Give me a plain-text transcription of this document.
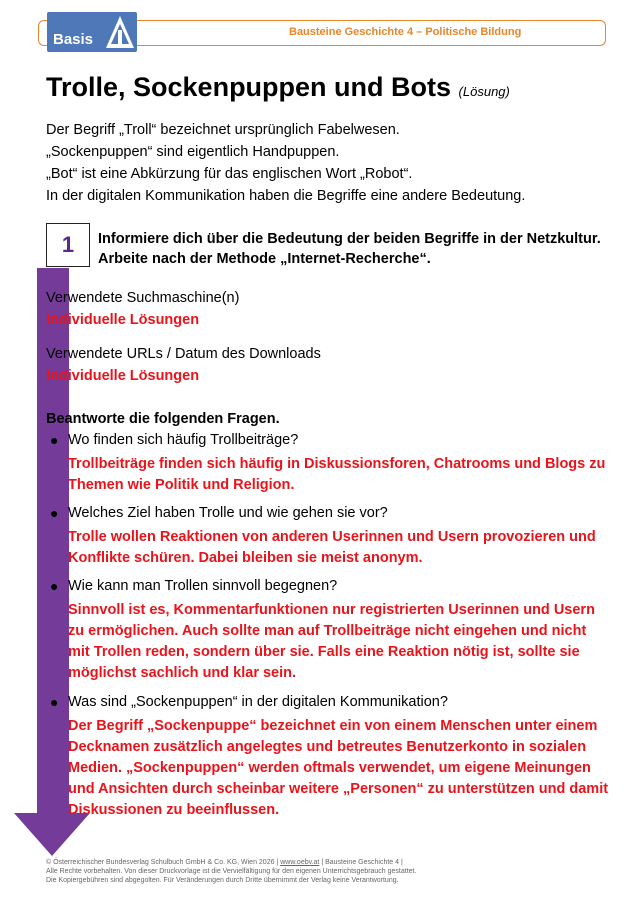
Bausteine Geschichte 4 – Politische Bildung
Basis
Trolle, Sockenpuppen und Bots (Lösung)
Der Begriff „Troll“ bezeichnet ursprünglich Fabelwesen.
„Sockenpuppen“ sind eigentlich Handpuppen.
„Bot“ ist eine Abkürzung für das englischen Wort „Robot“.
In der digitalen Kommunikation haben die Begriffe eine andere Bedeutung.
1	Informiere dich über die Bedeutung der beiden Begriffe in der Netzkultur.
Arbeite nach der Methode „Internet-Recherche“.
Verwendete Suchmaschine(n)
Individuelle Lösungen
Verwendete URLs / Datum des Downloads
Individuelle Lösungen
Beantworte die folgenden Fragen.
● Wo finden sich häufig Trollbeiträge?
Trollbeiträge finden sich häufig in Diskussionsforen, Chatrooms und Blogs zu
Themen wie Politik und Religion.
● Welches Ziel haben Trolle und wie gehen sie vor?
Trolle wollen Reaktionen von anderen Userinnen und Usern provozieren und
Konflikte schüren. Dabei bleiben sie meist anonym.
● Wie kann man Trollen sinnvoll begegnen?
Sinnvoll ist es, Kommentarfunktionen nur registrierten Userinnen und Usern
zu ermöglichen. Auch sollte man auf Trollbeiträge nicht eingehen und nicht
mit Trollen reden, sondern über sie. Falls eine Reaktion nötig ist, sollte sie
möglichst sachlich und klar sein.
● Was sind „Sockenpuppen“ in der digitalen Kommunikation?
Der Begriff „Sockenpuppe“ bezeichnet ein von einem Menschen unter einem
Decknamen zusätzlich angelegtes und betreutes Benutzerkonto in sozialen
Medien. „Sockenpuppen“ werden oftmals verwendet, um eigene Meinungen
und Ansichten durch scheinbar weitere „Personen“ zu unterstützen und damit
Diskussionen zu beeinflussen.
© Österreichischer Bundesverlag Schulbuch GmbH & Co. KG, Wien 2026 | www.oebv.at | Bausteine Geschichte 4 |
Alle Rechte vorbehalten. Von dieser Druckvorlage ist die Vervielfältigung für den eigenen Unterrichtsgebrauch gestattet.
Die Kopiergebühren sind abgegolten. Für Veränderungen durch Dritte übernimmt der Verlag keine Verantwortung.
